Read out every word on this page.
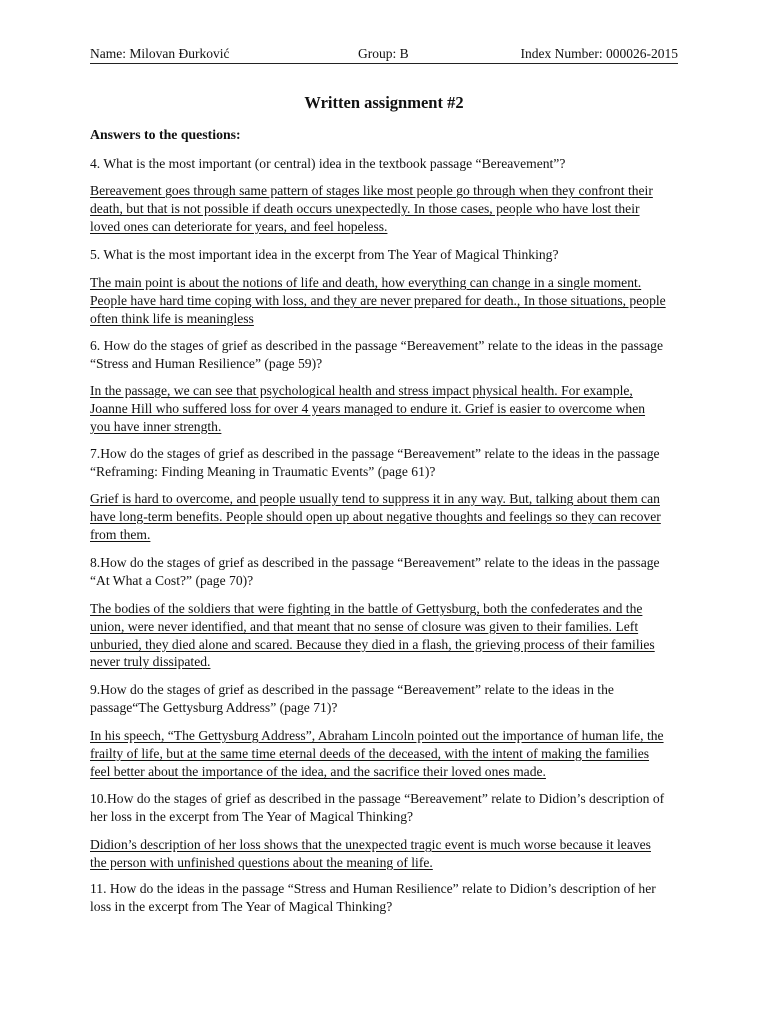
Name: Milovan Đurković	Group: B	Index Number: 000026-2015
Written assignment #2
Answers to the questions:
4. What is the most important (or central) idea in the textbook passage “Bereavement”?
Bereavement goes through same pattern of stages like most people go through when they confront their
death, but that is not possible if death occurs unexpectedly. In those cases, people who have lost their
loved ones can deteriorate for years, and feel hopeless.
5. What is the most important idea in the excerpt from The Year of Magical Thinking?
The main point is about the notions of life and death, how everything can change in a single moment.
People have hard time coping with loss, and they are never prepared for death., In those situations, people
often think life is meaningless
6. How do the stages of grief as described in the passage “Bereavement” relate to the ideas in the passage
“Stress and Human Resilience” (page 59)?
In the passage, we can see that psychological health and stress impact physical health. For example,
Joanne Hill who suffered loss for over 4 years managed to endure it. Grief is easier to overcome when
you have inner strength.
7.How do the stages of grief as described in the passage “Bereavement” relate to the ideas in the passage
“Reframing: Finding Meaning in Traumatic Events” (page 61)?
Grief is hard to overcome, and people usually tend to suppress it in any way. But, talking about them can
have long-term benefits. People should open up about negative thoughts and feelings so they can recover
from them.
8.How do the stages of grief as described in the passage “Bereavement” relate to the ideas in the passage
“At What a Cost?” (page 70)?
The bodies of the soldiers that were fighting in the battle of Gettysburg, both the confederates and the
union, were never identified, and that meant that no sense of closure was given to their families. Left
unburied, they died alone and scared. Because they died in a flash, the grieving process of their families
never truly dissipated.
9.How do the stages of grief as described in the passage “Bereavement” relate to the ideas in the
passage“The Gettysburg Address” (page 71)?
In his speech, “The Gettysburg Address”, Abraham Lincoln pointed out the importance of human life, the
frailty of life, but at the same time eternal deeds of the deceased, with the intent of making the families
feel better about the importance of the idea, and the sacrifice their loved ones made.
10.How do the stages of grief as described in the passage “Bereavement” relate to Didion’s description of
her loss in the excerpt from The Year of Magical Thinking?
Didion’s description of her loss shows that the unexpected tragic event is much worse because it leaves
the person with unfinished questions about the meaning of life.
11. How do the ideas in the passage “Stress and Human Resilience” relate to Didion’s description of her
loss in the excerpt from The Year of Magical Thinking?
